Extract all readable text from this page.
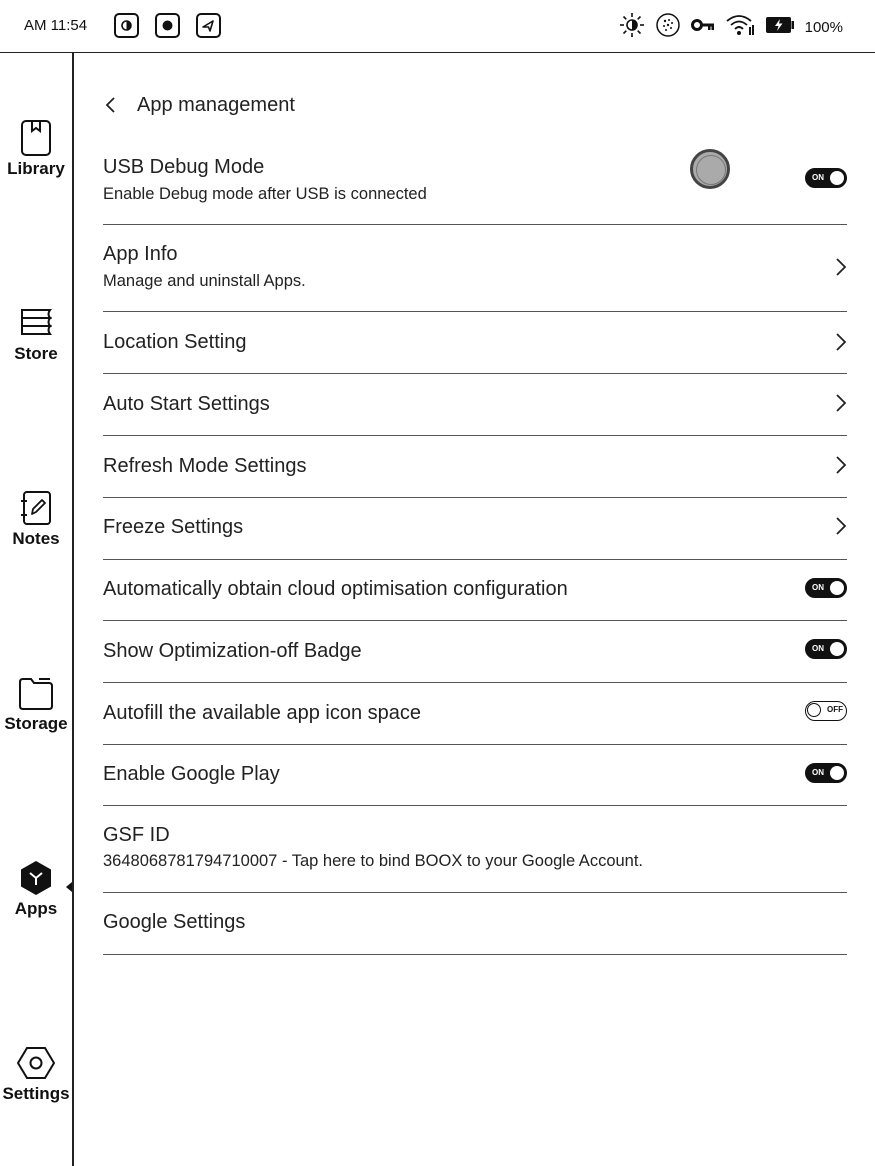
AM 11:54	100%
Library
Store
Notes
Storage
Apps
Settings
App management
USB Debug Mode
Enable Debug mode after USB is connected
ON
App Info
Manage and uninstall Apps.
Location Setting
Auto Start Settings
Refresh Mode Settings
Freeze Settings
Automatically obtain cloud optimisation configuration	ON
Show Optimization-off Badge	ON
Autofill the available app icon space	OFF
Enable Google Play	ON
GSF ID
3648068781794710007 - Tap here to bind BOOX to your Google Account.
Google Settings
